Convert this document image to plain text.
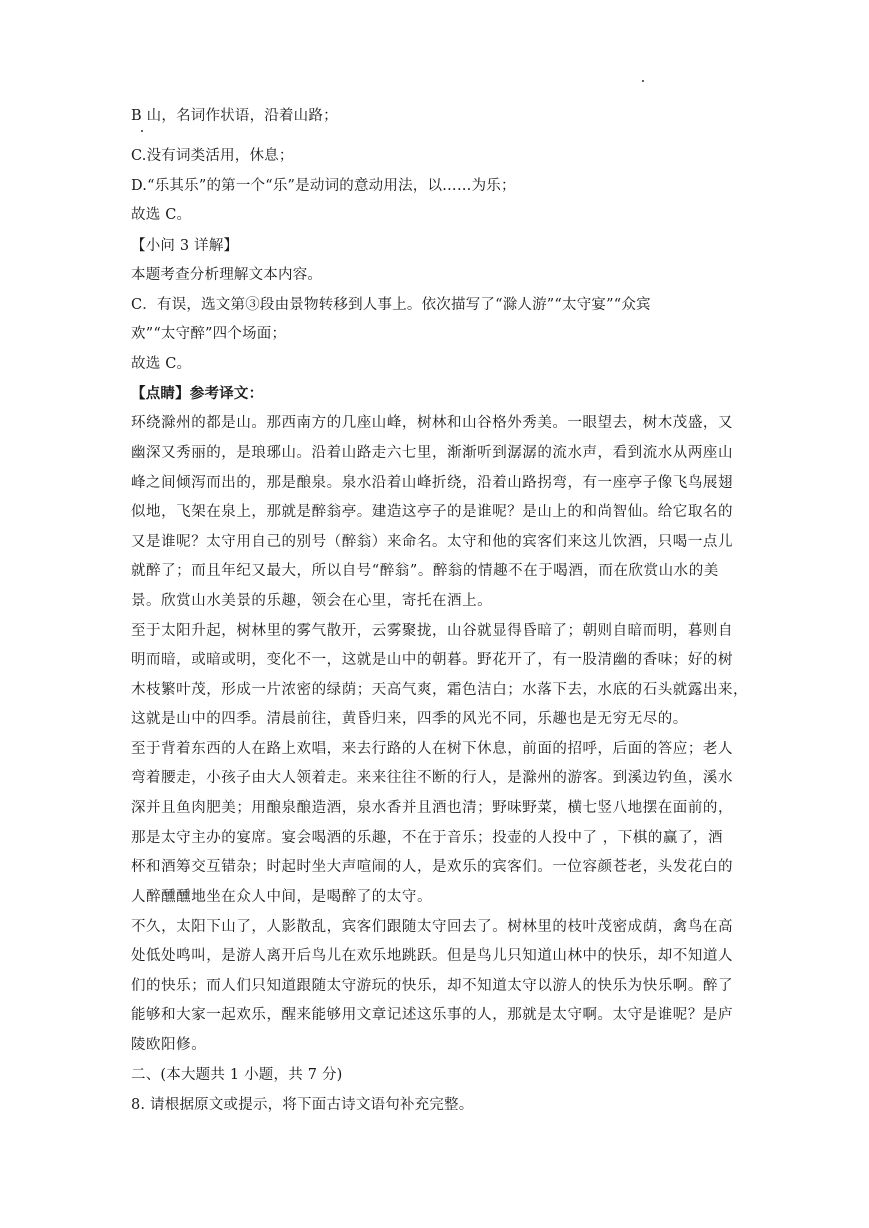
B 山，名词作状语，沿着山路；
C.没有词类活用，休息；
D.“乐其乐”的第一个“乐”是动词的意动用法，以……为乐；
故选 C。
【小问 3 详解】
本题考查分析理解文本内容。
C．有误，选文第③段由景物转移到人事上。依次描写了“滁人游”“太守宴”“众宾
欢”“太守醉”四个场面；
故选 C。
【点睛】参考译文：
环绕滁州的都是山。那西南方的几座山峰，树林和山谷格外秀美。一眼望去，树木茂盛，又
幽深又秀丽的，是琅琊山。沿着山路走六七里，渐渐听到潺潺的流水声，看到流水从两座山
峰之间倾泻而出的，那是酿泉。泉水沿着山峰折绕，沿着山路拐弯，有一座亭子像飞鸟展翅
似地，飞架在泉上，那就是醉翁亭。建造这亭子的是谁呢？是山上的和尚智仙。给它取名的
又是谁呢？太守用自己的别号（醉翁）来命名。太守和他的宾客们来这儿饮酒，只喝一点儿
就醉了；而且年纪又最大，所以自号“醉翁”。醉翁的情趣不在于喝酒，而在欣赏山水的美
景。欣赏山水美景的乐趣，领会在心里，寄托在酒上。
至于太阳升起，树林里的雾气散开，云雾聚拢，山谷就显得昏暗了；朝则自暗而明，暮则自
明而暗，或暗或明，变化不一，这就是山中的朝暮。野花开了，有一股清幽的香味；好的树
木枝繁叶茂，形成一片浓密的绿荫；天高气爽，霜色洁白；水落下去，水底的石头就露出来，
这就是山中的四季。清晨前往，黄昏归来，四季的风光不同，乐趣也是无穷无尽的。
至于背着东西的人在路上欢唱，来去行路的人在树下休息，前面的招呼，后面的答应；老人
弯着腰走，小孩子由大人领着走。来来往往不断的行人，是滁州的游客。到溪边钓鱼，溪水
深并且鱼肉肥美；用酿泉酿造酒，泉水香并且酒也清；野味野菜，横七竖八地摆在面前的，
那是太守主办的宴席。宴会喝酒的乐趣，不在于音乐；投壶的人投中了 ，下棋的赢了，酒
杯和酒筹交互错杂；时起时坐大声喧闹的人，是欢乐的宾客们。一位容颜苍老，头发花白的
人醉醺醺地坐在众人中间，是喝醉了的太守。
不久，太阳下山了，人影散乱，宾客们跟随太守回去了。树林里的枝叶茂密成荫，禽鸟在高
处低处鸣叫，是游人离开后鸟儿在欢乐地跳跃。但是鸟儿只知道山林中的快乐，却不知道人
们的快乐；而人们只知道跟随太守游玩的快乐，却不知道太守以游人的快乐为快乐啊。醉了
能够和大家一起欢乐，醒来能够用文章记述这乐事的人，那就是太守啊。太守是谁呢？是庐
陵欧阳修。
二、(本大题共 1 小题，共 7 分)
8. 请根据原文或提示，将下面古诗文语句补充完整。
